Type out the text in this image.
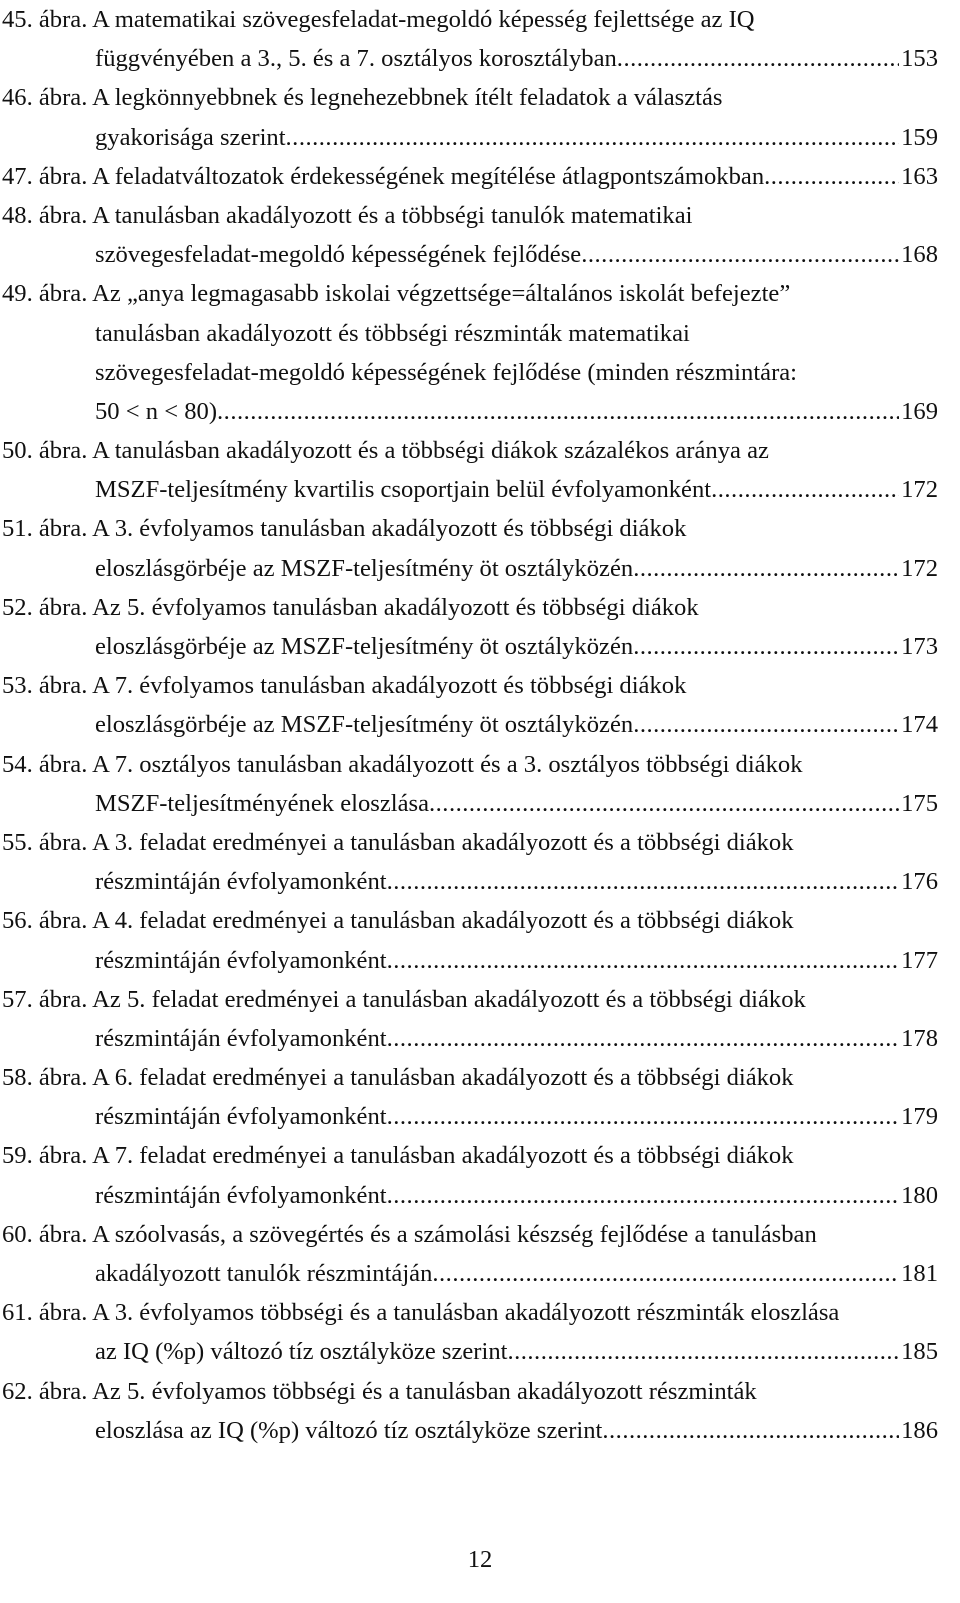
45. ábra. A matematikai szövegesfeladat-megoldó képesség fejlettsége az IQ
függvényében a 3., 5. és a 7. osztályos korosztályban .....	153
46. ábra. A legkönnyebbnek és legnehezebbnek ítélt feladatok a választás
gyakorisága szerint .....	159
47. ábra. A feladatváltozatok érdekességének megítélése átlagpontszámokban .....	163
48. ábra. A tanulásban akadályozott és a többségi tanulók matematikai
szövegesfeladat-megoldó képességének fejlődése .....	168
49. ábra. Az „anya legmagasabb iskolai végzettsége=általános iskolát befejezte”
tanulásban akadályozott és többségi részminták matematikai
szövegesfeladat-megoldó képességének fejlődése (minden részmintára:
50 < n < 80) .....	169
50. ábra. A tanulásban akadályozott és a többségi diákok százalékos aránya az
MSZF-teljesítmény kvartilis csoportjain belül évfolyamonként .....	172
51. ábra. A 3. évfolyamos tanulásban akadályozott és többségi diákok
eloszlásgörbéje az MSZF-teljesítmény öt osztályközén .....	172
52. ábra. Az 5. évfolyamos tanulásban akadályozott és többségi diákok
eloszlásgörbéje az MSZF-teljesítmény öt osztályközén .....	173
53. ábra. A 7. évfolyamos tanulásban akadályozott és többségi diákok
eloszlásgörbéje az MSZF-teljesítmény öt osztályközén .....	174
54. ábra. A 7. osztályos tanulásban akadályozott és a 3. osztályos többségi diákok
MSZF-teljesítményének eloszlása .....	175
55. ábra. A 3. feladat eredményei a tanulásban akadályozott és a többségi diákok
részmintáján évfolyamonként .....	176
56. ábra. A 4. feladat eredményei a tanulásban akadályozott és a többségi diákok
részmintáján évfolyamonként .....	177
57. ábra. Az 5. feladat eredményei a tanulásban akadályozott és a többségi diákok
részmintáján évfolyamonként .....	178
58. ábra. A 6. feladat eredményei a tanulásban akadályozott és a többségi diákok
részmintáján évfolyamonként .....	179
59. ábra. A 7. feladat eredményei a tanulásban akadályozott és a többségi diákok
részmintáján évfolyamonként .....	180
60. ábra. A szóolvasás, a szövegértés és a számolási készség fejlődése a tanulásban
akadályozott tanulók részmintáján .....	181
61. ábra. A 3. évfolyamos többségi és a tanulásban akadályozott részminták eloszlása
az IQ (%p) változó tíz osztályköze szerint .....	185
62. ábra. Az 5. évfolyamos többségi és a tanulásban akadályozott részminták
eloszlása az IQ (%p) változó tíz osztályköze szerint .....	186
12
